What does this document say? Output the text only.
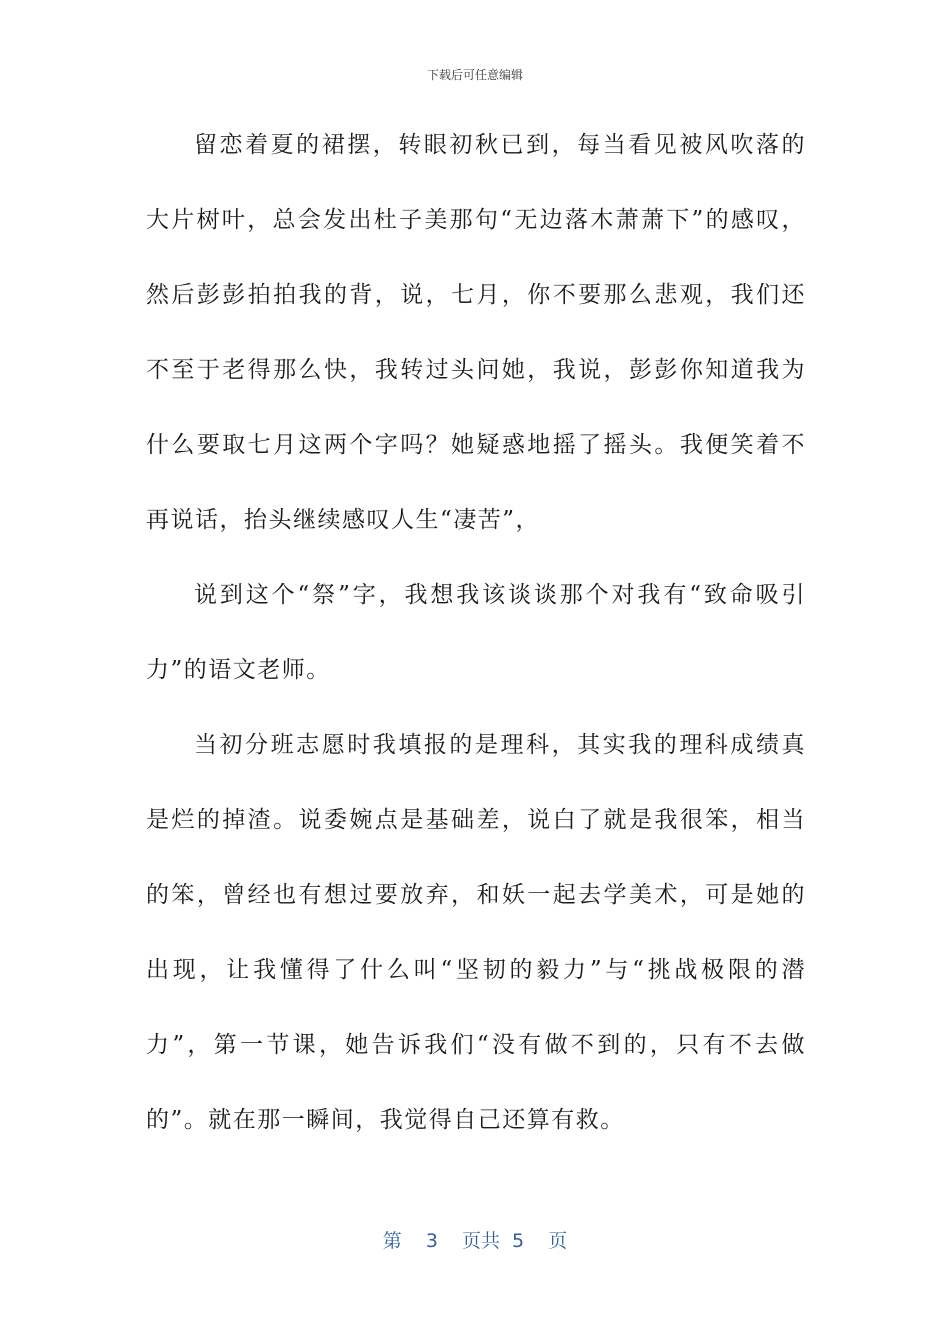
下载后可任意编辑

留恋着夏的裙摆，转眼初秋已到，每当看见被风吹落的大片树叶，总会发出杜子美那句“无边落木萧萧下”的感叹，然后彭彭拍拍我的背，说，七月，你不要那么悲观，我们还不至于老得那么快，我转过头问她，我说，彭彭你知道我为什么要取七月这两个字吗？她疑惑地摇了摇头。我便笑着不再说话，抬头继续感叹人生“凄苦”，

说到这个“祭”字，我想我该谈谈那个对我有“致命吸引力”的语文老师。

当初分班志愿时我填报的是理科，其实我的理科成绩真是烂的掉渣。说委婉点是基础差，说白了就是我很笨，相当的笨，曾经也有想过要放弃，和妖一起去学美术，可是她的出现，让我懂得了什么叫“坚韧的毅力”与“挑战极限的潜力”，第一节课，她告诉我们“没有做不到的，只有不去做的”。就在那一瞬间，我觉得自己还算有救。

第  3  页共 5  页
